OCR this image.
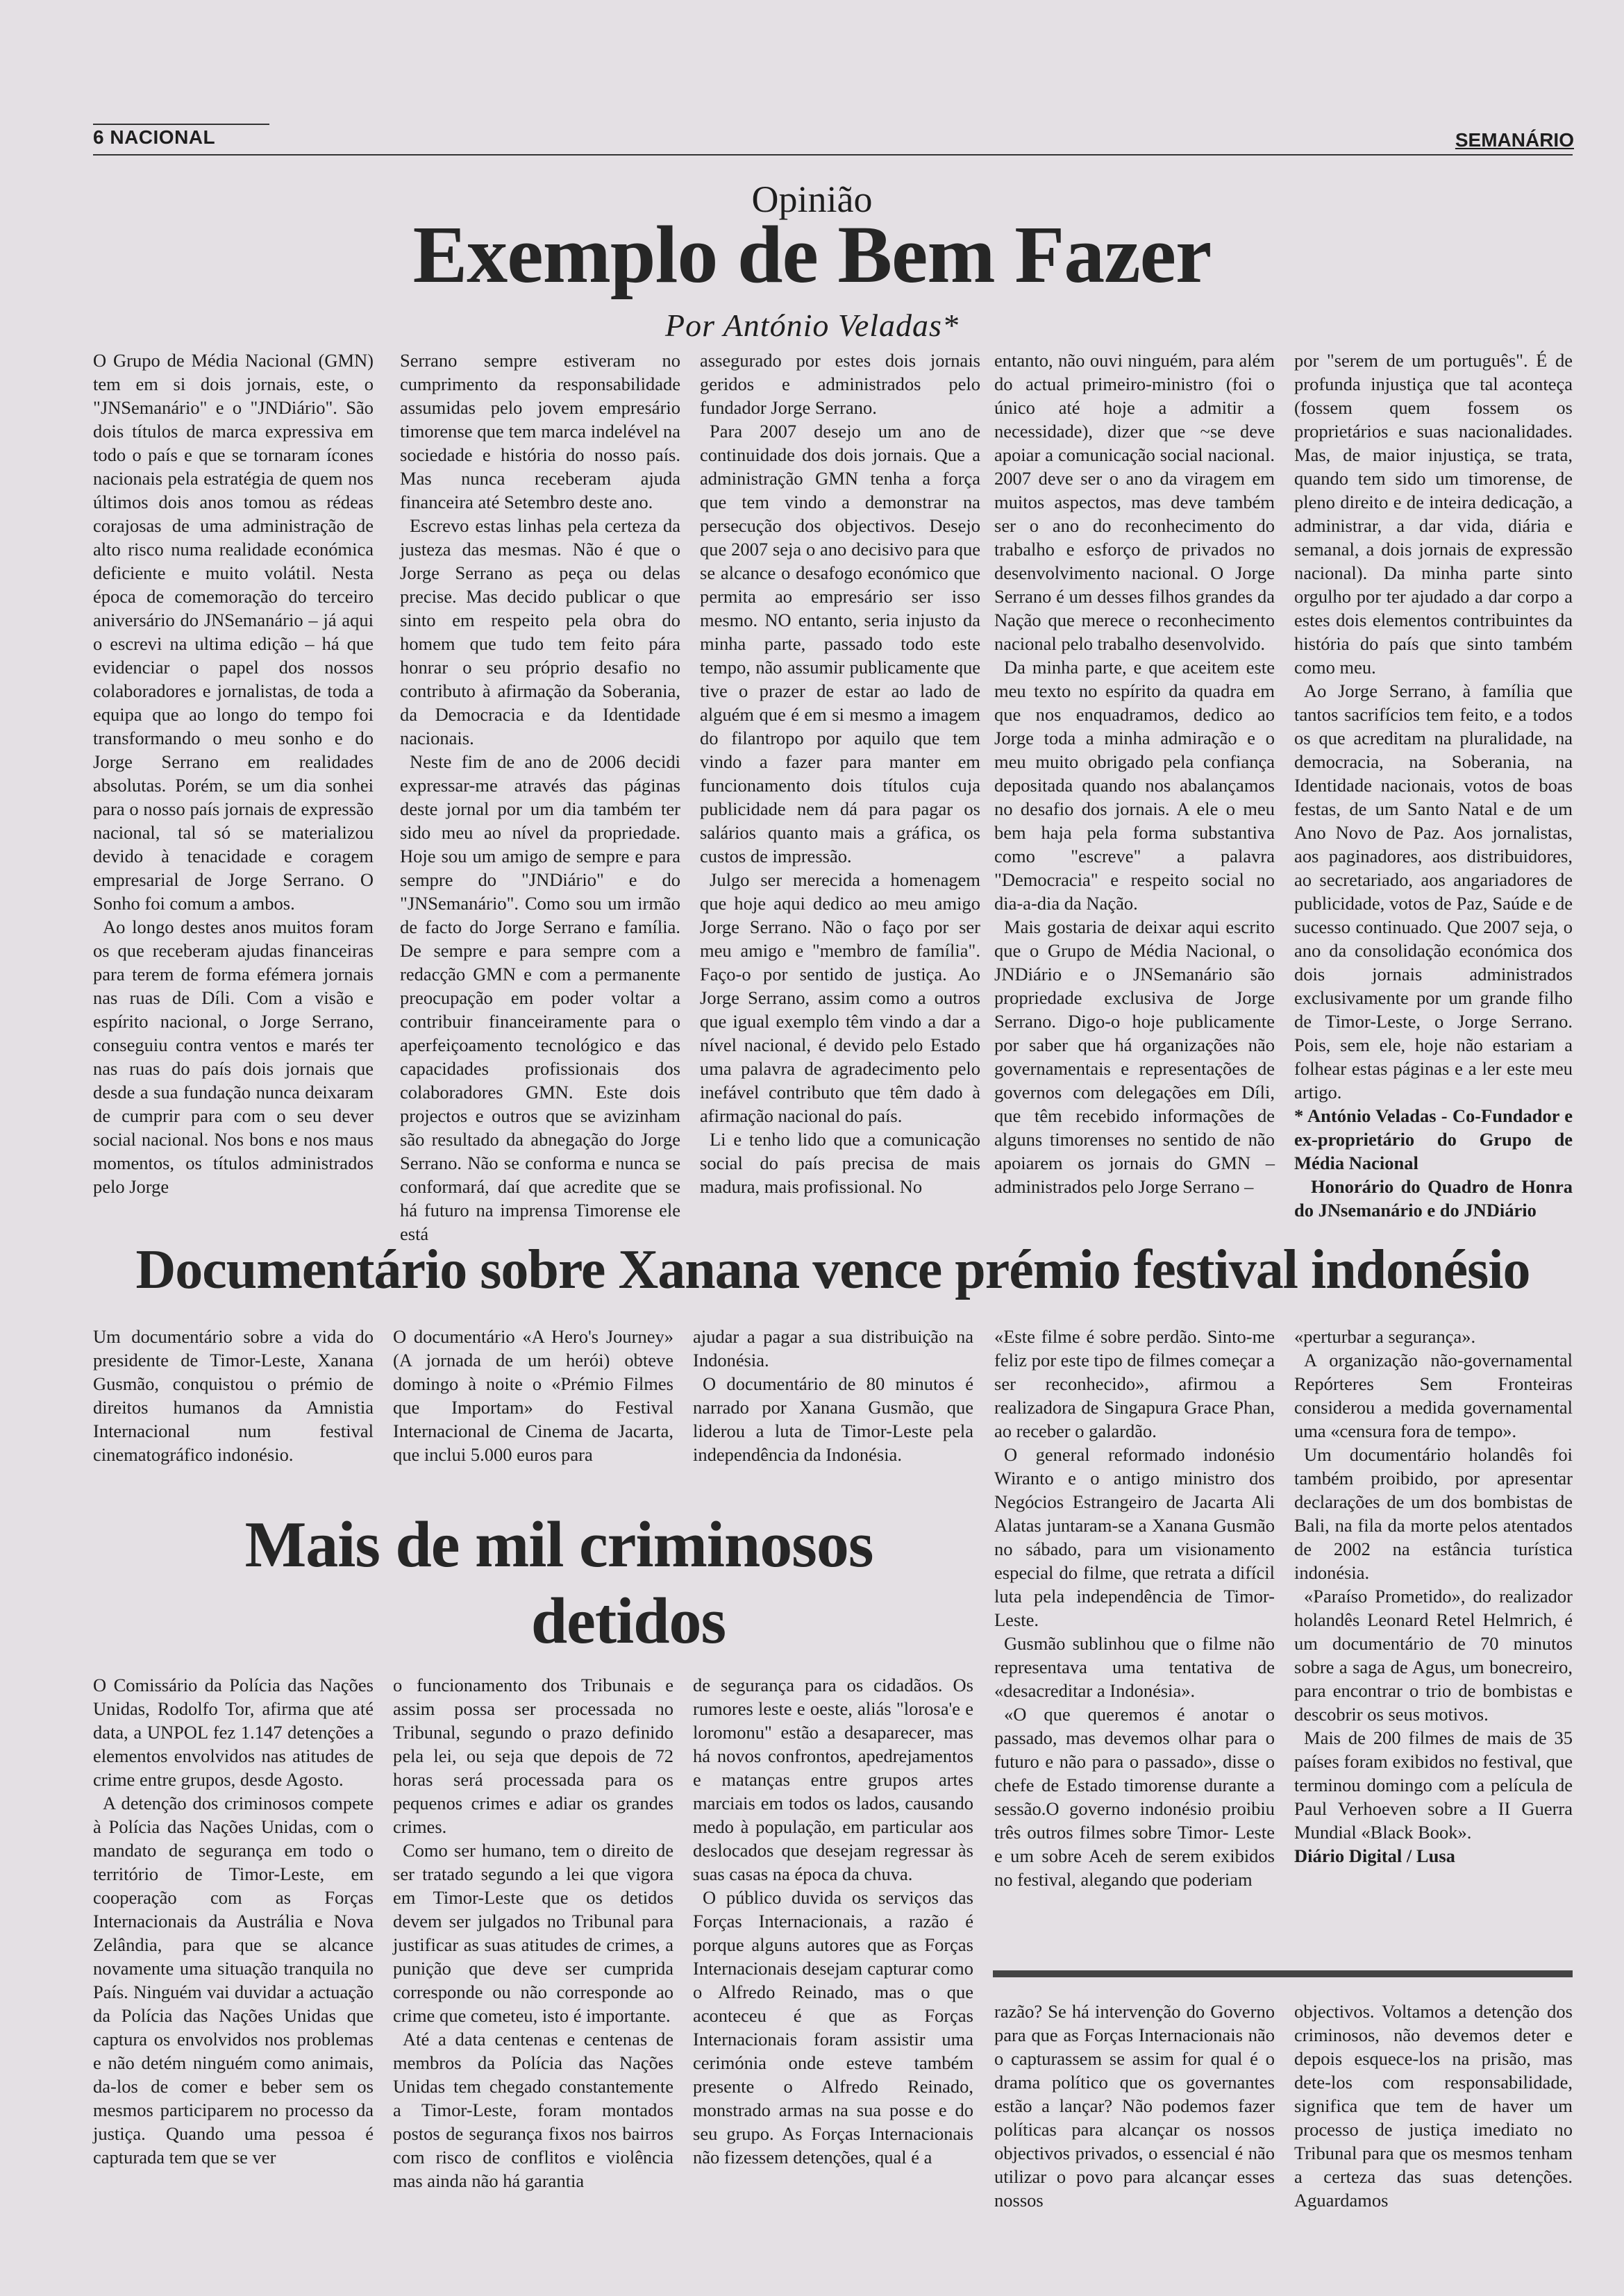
6 NACIONAL	SEMANÁRIO
Opinião
Exemplo de Bem Fazer
Por António Veladas*

O Grupo de Média Nacional (GMN) tem em si dois jornais, este, o "JNSemanário" e o "JNDiário". São dois títulos de marca expressiva em todo o país e que se tornaram ícones nacionais pela estratégia de quem nos últimos dois anos tomou as rédeas corajosas de uma administração de alto risco numa realidade económica deficiente e muito volátil. Nesta época de comemoração do terceiro aniversário do JNSemanário – já aqui o escrevi na ultima edição – há que evidenciar o papel dos nossos colaboradores e jornalistas, de toda a equipa que ao longo do tempo foi transformando o meu sonho e do Jorge Serrano em realidades absolutas. Porém, se um dia sonhei para o nosso país jornais de expressão nacional, tal só se materializou devido à tenacidade e coragem empresarial de Jorge Serrano. O Sonho foi comum a ambos.

Ao longo destes anos muitos foram os que receberam ajudas financeiras para terem de forma efémera jornais nas ruas de Díli. Com a visão e espírito nacional, o Jorge Serrano, conseguiu contra ventos e marés ter nas ruas do país dois jornais que desde a sua fundação nunca deixaram de cumprir para com o seu dever social nacional. Nos bons e nos maus momentos, os títulos administrados pelo Jorge

Serrano sempre estiveram no cumprimento da responsabilidade assumidas pelo jovem empresário timorense que tem marca indelével na sociedade e história do nosso país. Mas nunca receberam ajuda financeira até Setembro deste ano.

Escrevo estas linhas pela certeza da justeza das mesmas. Não é que o Jorge Serrano as peça ou delas precise. Mas decido publicar o que sinto em respeito pela obra do homem que tudo tem feito pára honrar o seu próprio desafio no contributo à afirmação da Soberania, da Democracia e da Identidade nacionais.

Neste fim de ano de 2006 decidi expressar-me através das páginas deste jornal por um dia também ter sido meu ao nível da propriedade. Hoje sou um amigo de sempre e para sempre do "JNDiário" e do "JNSemanário". Como sou um irmão de facto do Jorge Serrano e família. De sempre e para sempre com a redacção GMN e com a permanente preocupação em poder voltar a contribuir financeiramente para o aperfeiçoamento tecnológico e das capacidades profissionais dos colaboradores GMN. Este dois projectos e outros que se avizinham são resultado da abnegação do Jorge Serrano. Não se conforma e nunca se conformará, daí que acredite que se há futuro na imprensa Timorense ele está

assegurado por estes dois jornais geridos e administrados pelo fundador Jorge Serrano.

Para 2007 desejo um ano de continuidade dos dois jornais. Que a administração GMN tenha a força que tem vindo a demonstrar na persecução dos objectivos. Desejo que 2007 seja o ano decisivo para que se alcance o desafogo económico que permita ao empresário ser isso mesmo. NO entanto, seria injusto da minha parte, passado todo este tempo, não assumir publicamente que tive o prazer de estar ao lado de alguém que é em si mesmo a imagem do filantropo por aquilo que tem vindo a fazer para manter em funcionamento dois títulos cuja publicidade nem dá para pagar os salários quanto mais a gráfica, os custos de impressão.

Julgo ser merecida a homenagem que hoje aqui dedico ao meu amigo Jorge Serrano. Não o faço por ser meu amigo e "membro de família". Faço-o por sentido de justiça. Ao Jorge Serrano, assim como a outros que igual exemplo têm vindo a dar a nível nacional, é devido pelo Estado uma palavra de agradecimento pelo inefável contributo que têm dado à afirmação nacional do país.

Li e tenho lido que a comunicação social do país precisa de mais madura, mais profissional. No

entanto, não ouvi ninguém, para além do actual primeiro-ministro (foi o único até hoje a admitir a necessidade), dizer que ~se deve apoiar a comunicação social nacional. 2007 deve ser o ano da viragem em muitos aspectos, mas deve também ser o ano do reconhecimento do trabalho e esforço de privados no desenvolvimento nacional. O Jorge Serrano é um desses filhos grandes da Nação que merece o reconhecimento nacional pelo trabalho desenvolvido.

Da minha parte, e que aceitem este meu texto no espírito da quadra em que nos enquadramos, dedico ao Jorge toda a minha admiração e o meu muito obrigado pela confiança depositada quando nos abalançamos no desafio dos jornais. A ele o meu bem haja pela forma substantiva como "escreve" a palavra "Democracia" e respeito social no dia-a-dia da Nação.

Mais gostaria de deixar aqui escrito que o Grupo de Média Nacional, o JNDiário e o JNSemanário são propriedade exclusiva de Jorge Serrano. Digo-o hoje publicamente por saber que há organizações não governamentais e representações de governos com delegações em Díli, que têm recebido informações de alguns timorenses no sentido de não apoiarem os jornais do GMN – administrados pelo Jorge Serrano –

por "serem de um português". É de profunda injustiça que tal aconteça (fossem quem fossem os proprietários e suas nacionalidades. Mas, de maior injustiça, se trata, quando tem sido um timorense, de pleno direito e de inteira dedicação, a administrar, a dar vida, diária e semanal, a dois jornais de expressão nacional). Da minha parte sinto orgulho por ter ajudado a dar corpo a estes dois elementos contribuintes da história do país que sinto também como meu.

Ao Jorge Serrano, à família que tantos sacrifícios tem feito, e a todos os que acreditam na pluralidade, na democracia, na Soberania, na Identidade nacionais, votos de boas festas, de um Santo Natal e de um Ano Novo de Paz. Aos jornalistas, aos paginadores, aos distribuidores, ao secretariado, aos angariadores de publicidade, votos de Paz, Saúde e de sucesso continuado. Que 2007 seja, o ano da consolidação económica dos dois jornais administrados exclusivamente por um grande filho de Timor-Leste, o Jorge Serrano. Pois, sem ele, hoje não estariam a folhear estas páginas e a ler este meu artigo.

* António Veladas - Co-Fundador e ex-proprietário do Grupo de Média Nacional

Honorário do Quadro de Honra do JNsemanário e do JNDiário

Documentário sobre Xanana vence prémio festival indonésio

Um documentário sobre a vida do presidente de Timor-Leste, Xanana Gusmão, conquistou o prémio de direitos humanos da Amnistia Internacional num festival cinematográfico indonésio.

O documentário «A Hero's Journey» (A jornada de um herói) obteve domingo à noite o «Prémio Filmes que Importam» do Festival Internacional de Cinema de Jacarta, que inclui 5.000 euros para

ajudar a pagar a sua distribuição na Indonésia.

O documentário de 80 minutos é narrado por Xanana Gusmão, que liderou a luta de Timor-Leste pela independência da Indonésia.

«Este filme é sobre perdão. Sinto-me feliz por este tipo de filmes começar a ser reconhecido», afirmou a realizadora de Singapura Grace Phan, ao receber o galardão.

O general reformado indonésio Wiranto e o antigo ministro dos Negócios Estrangeiro de Jacarta Ali Alatas juntaram-se a Xanana Gusmão no sábado, para um visionamento especial do filme, que retrata a difícil luta pela independência de Timor-Leste.

Gusmão sublinhou que o filme não representava uma tentativa de «desacreditar a Indonésia».

«O que queremos é anotar o passado, mas devemos olhar para o futuro e não para o passado», disse o chefe de Estado timorense durante a sessão.O governo indonésio proibiu três outros filmes sobre Timor- Leste e um sobre Aceh de serem exibidos no festival, alegando que poderiam

«perturbar a segurança».

A organização não-governamental Repórteres Sem Fronteiras considerou a medida governamental uma «censura fora de tempo».

Um documentário holandês foi também proibido, por apresentar declarações de um dos bombistas de Bali, na fila da morte pelos atentados de 2002 na estância turística indonésia.

«Paraíso Prometido», do realizador holandês Leonard Retel Helmrich, é um documentário de 70 minutos sobre a saga de Agus, um bonecreiro, para encontrar o trio de bombistas e descobrir os seus motivos.

Mais de 200 filmes de mais de 35 países foram exibidos no festival, que terminou domingo com a película de Paul Verhoeven sobre a II Guerra Mundial «Black Book».

Diário Digital / Lusa

Mais de mil criminosos
detidos

O Comissário da Polícia das Nações Unidas, Rodolfo Tor, afirma que até data, a UNPOL fez 1.147 detenções a elementos envolvidos nas atitudes de crime entre grupos, desde Agosto.

A detenção dos criminosos compete à Polícia das Nações Unidas, com o mandato de segurança em todo o território de Timor-Leste, em cooperação com as Forças Internacionais da Austrália e Nova Zelândia, para que se alcance novamente uma situação tranquila no País. Ninguém vai duvidar a actuação da Polícia das Nações Unidas que captura os envolvidos nos problemas e não detém ninguém como animais, da-los de comer e beber sem os mesmos participarem no processo da justiça. Quando uma pessoa é capturada tem que se ver

o funcionamento dos Tribunais e assim possa ser processada no Tribunal, segundo o prazo definido pela lei, ou seja que depois de 72 horas será processada para os pequenos crimes e adiar os grandes crimes.

Como ser humano, tem o direito de ser tratado segundo a lei que vigora em Timor-Leste que os detidos devem ser julgados no Tribunal para justificar as suas atitudes de crimes, a punição que deve ser cumprida corresponde ou não corresponde ao crime que cometeu, isto é importante.

Até a data centenas e centenas de membros da Polícia das Nações Unidas tem chegado constantemente a Timor-Leste, foram montados postos de segurança fixos nos bairros com risco de conflitos e violência mas ainda não há garantia

de segurança para os cidadãos. Os rumores leste e oeste, aliás "lorosa'e e loromonu" estão a desaparecer, mas há novos confrontos, apedrejamentos e matanças entre grupos artes marciais em todos os lados, causando medo à população, em particular aos deslocados que desejam regressar às suas casas na época da chuva.

O público duvida os serviços das Forças Internacionais, a razão é porque alguns autores que as Forças Internacionais desejam capturar como o Alfredo Reinado, mas o que aconteceu é que as Forças Internacionais foram assistir uma cerimónia onde esteve também presente o Alfredo Reinado, monstrado armas na sua posse e do seu grupo. As Forças Internacionais não fizessem detenções, qual é a

razão? Se há intervenção do Governo para que as Forças Internacionais não o capturassem se assim for qual é o drama político que os governantes estão a lançar? Não podemos fazer políticas para alcançar os nossos objectivos privados, o essencial é não utilizar o povo para alcançar esses nossos

objectivos. Voltamos a detenção dos criminosos, não devemos deter e depois esquece-los na prisão, mas dete-los com responsabilidade, significa que tem de haver um processo de justiça imediato no Tribunal para que os mesmos tenham a certeza das suas detenções. Aguardamos
